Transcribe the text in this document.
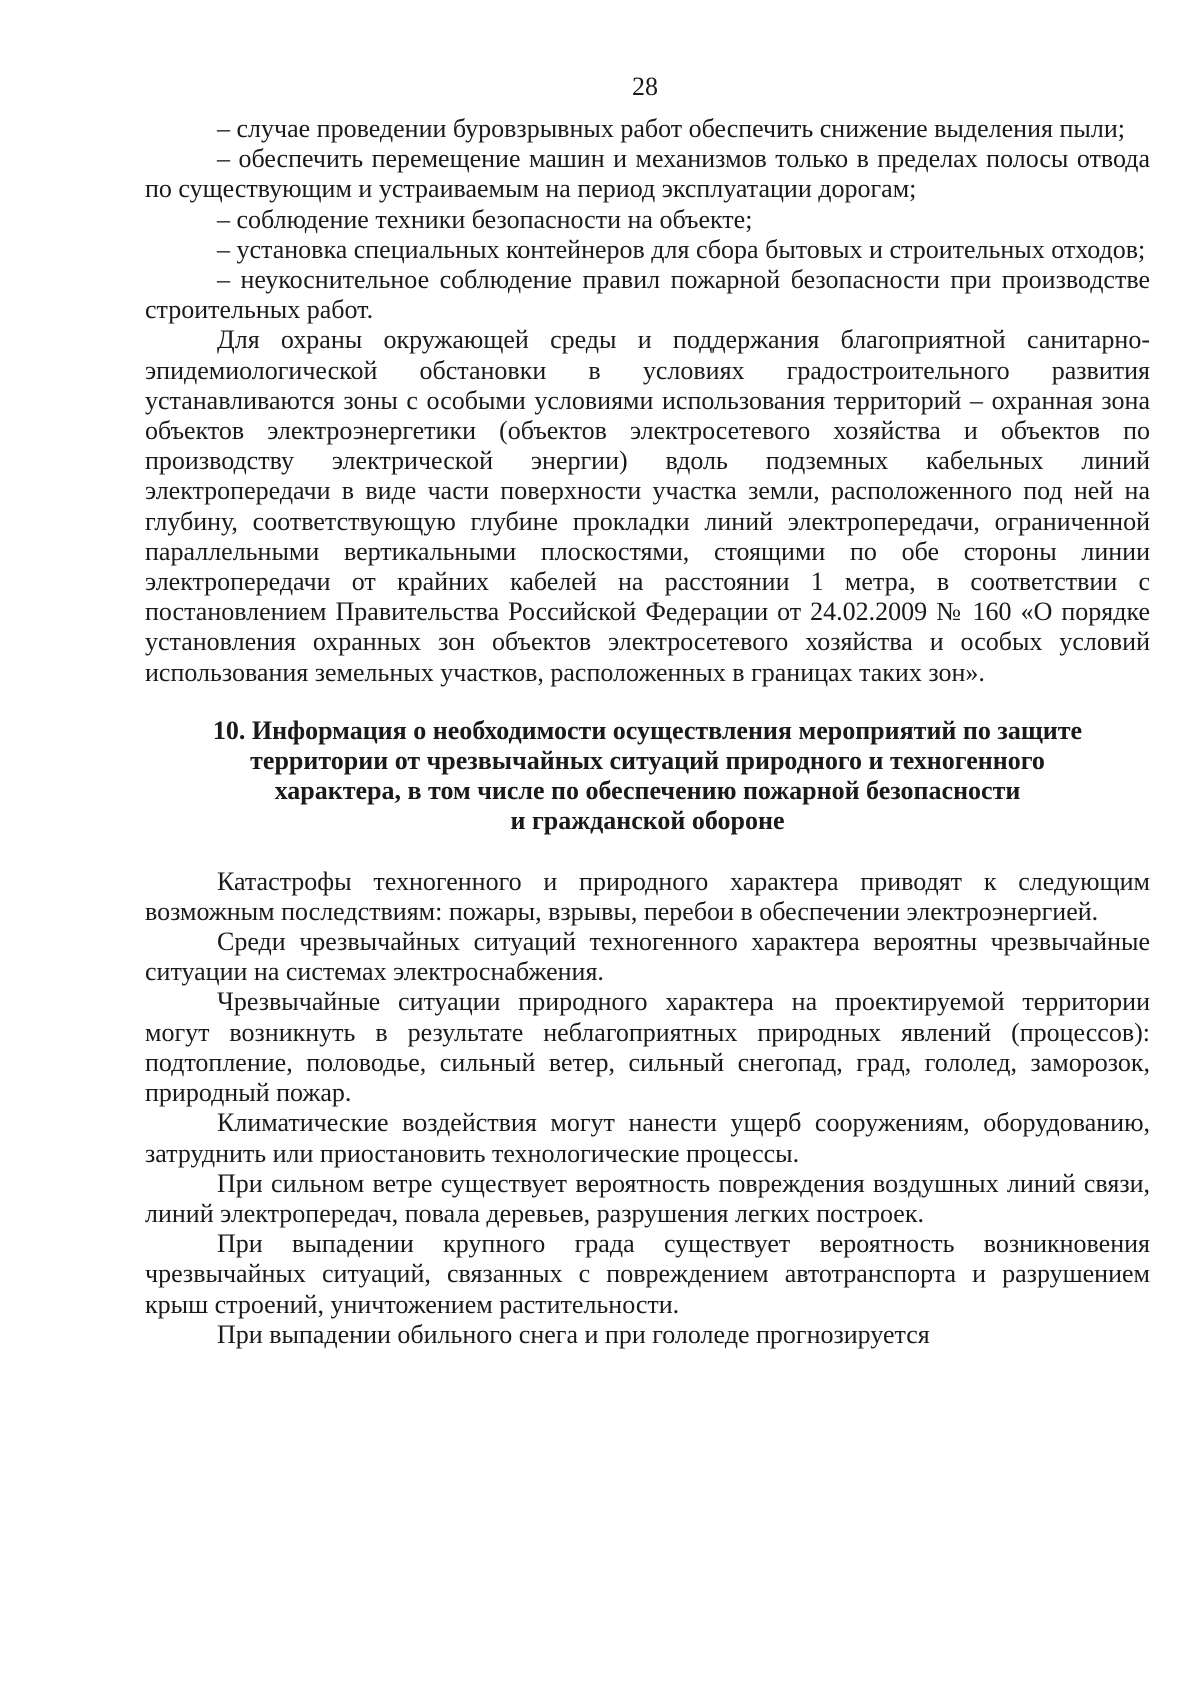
28

– случае проведении буровзрывных работ обеспечить снижение выделения пыли;

– обеспечить перемещение машин и механизмов только в пределах полосы отвода по существующим и устраиваемым на период эксплуатации дорогам;

– соблюдение техники безопасности на объекте;

– установка специальных контейнеров для сбора бытовых и строительных отходов;

– неукоснительное соблюдение правил пожарной безопасности при производстве строительных работ.

Для охраны окружающей среды и поддержания благоприятной санитарно-эпидемиологической обстановки в условиях градостроительного развития устанавливаются зоны с особыми условиями использования территорий – охранная зона объектов электроэнергетики (объектов электросетевого хозяйства и объектов по производству электрической энергии) вдоль подземных кабельных линий электропередачи в виде части поверхности участка земли, расположенного под ней на глубину, соответствующую глубине прокладки линий электропередачи, ограниченной параллельными вертикальными плоскостями, стоящими по обе стороны линии электропередачи от крайних кабелей на расстоянии 1 метра, в соответствии с постановлением Правительства Российской Федерации от 24.02.2009 № 160 «О порядке установления охранных зон объектов электросетевого хозяйства и особых условий использования земельных участков, расположенных в границах таких зон».

10. Информация о необходимости осуществления мероприятий по защите
территории от чрезвычайных ситуаций природного и техногенного
характера, в том числе по обеспечению пожарной безопасности
и гражданской обороне

Катастрофы техногенного и природного характера приводят к следующим возможным последствиям: пожары, взрывы, перебои в обеспечении электроэнергией.

Среди чрезвычайных ситуаций техногенного характера вероятны чрезвычайные ситуации на системах электроснабжения.

Чрезвычайные ситуации природного характера на проектируемой территории могут возникнуть в результате неблагоприятных природных явлений (процессов): подтопление, половодье, сильный ветер, сильный снегопад, град, гололед, заморозок, природный пожар.

Климатические воздействия могут нанести ущерб сооружениям, оборудованию, затруднить или приостановить технологические процессы.

При сильном ветре существует вероятность повреждения воздушных линий связи, линий электропередач, повала деревьев, разрушения легких построек.

При выпадении крупного града существует вероятность возникновения чрезвычайных ситуаций, связанных с повреждением автотранспорта и разрушением крыш строений, уничтожением растительности.

При выпадении обильного снега и при гололеде прогнозируется
